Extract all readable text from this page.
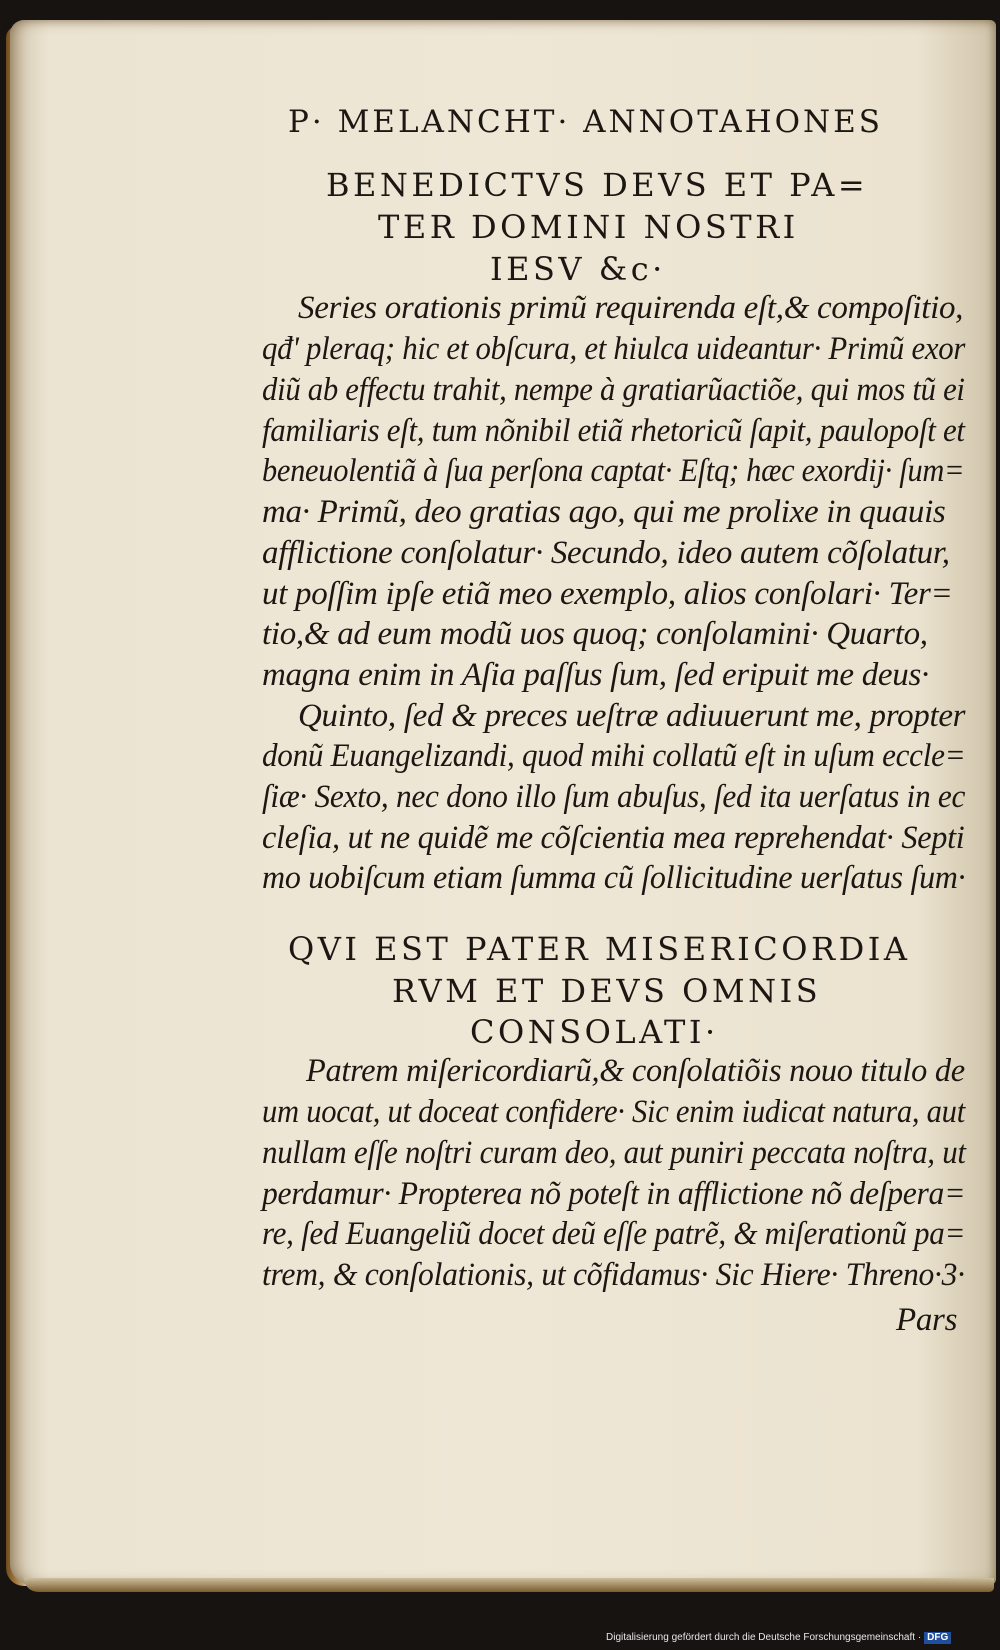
P· MELANCHT· ANNOTAHONES
BENEDICTVS DEVS ET PA=
TER DOMINI NOSTRI
IESV &c·
Series orationis primũ requirenda eſt,& compoſitio,
qđ' pleraq; hic et obſcura, et hiulca uideantur· Primũ exor
diũ ab effectu trahit, nempe à gratiarũactiõe, qui mos tũ ei
familiaris eſt, tum nõnibil etiã rhetoricũ ſapit, paulopoſt et
beneuolentiã à ſua perſona captat· Eſtq; hæc exordij· ſum=
ma· Primũ, deo gratias ago, qui me prolixe in quauis
afflictione conſolatur· Secundo, ideo autem cõſolatur,
ut poſſim ipſe etiã meo exemplo, alios conſolari· Ter=
tio,& ad eum modũ uos quoq; conſolamini· Quarto,
magna enim in Aſia paſſus ſum, ſed eripuit me deus·
Quinto, ſed & preces ueſtræ adiuuerunt me, propter
donũ Euangelizandi, quod mihi collatũ eſt in uſum eccle=
ſiæ· Sexto, nec dono illo ſum abuſus, ſed ita uerſatus in ec
cleſia, ut ne quidẽ me cõſcientia mea reprehendat· Septi
mo uobiſcum etiam ſumma cũ ſollicitudine uerſatus ſum·
QVI EST PATER MISERICORDIA
RVM ET DEVS OMNIS
CONSOLATI·
Patrem miſericordiarũ,& conſolatiõis nouo titulo de
um uocat, ut doceat confidere· Sic enim iudicat natura, aut
nullam eſſe noſtri curam deo, aut puniri peccata noſtra, ut
perdamur· Propterea nõ poteſt in afflictione nõ deſpera=
re, ſed Euangeliũ docet deũ eſſe patrẽ, & miſerationũ pa=
trem, & conſolationis, ut cõfidamus· Sic Hiere· Threno·3·
Pars
Digitalisierung gefördert durch die Deutsche Forschungsgemeinschaft · DFG
